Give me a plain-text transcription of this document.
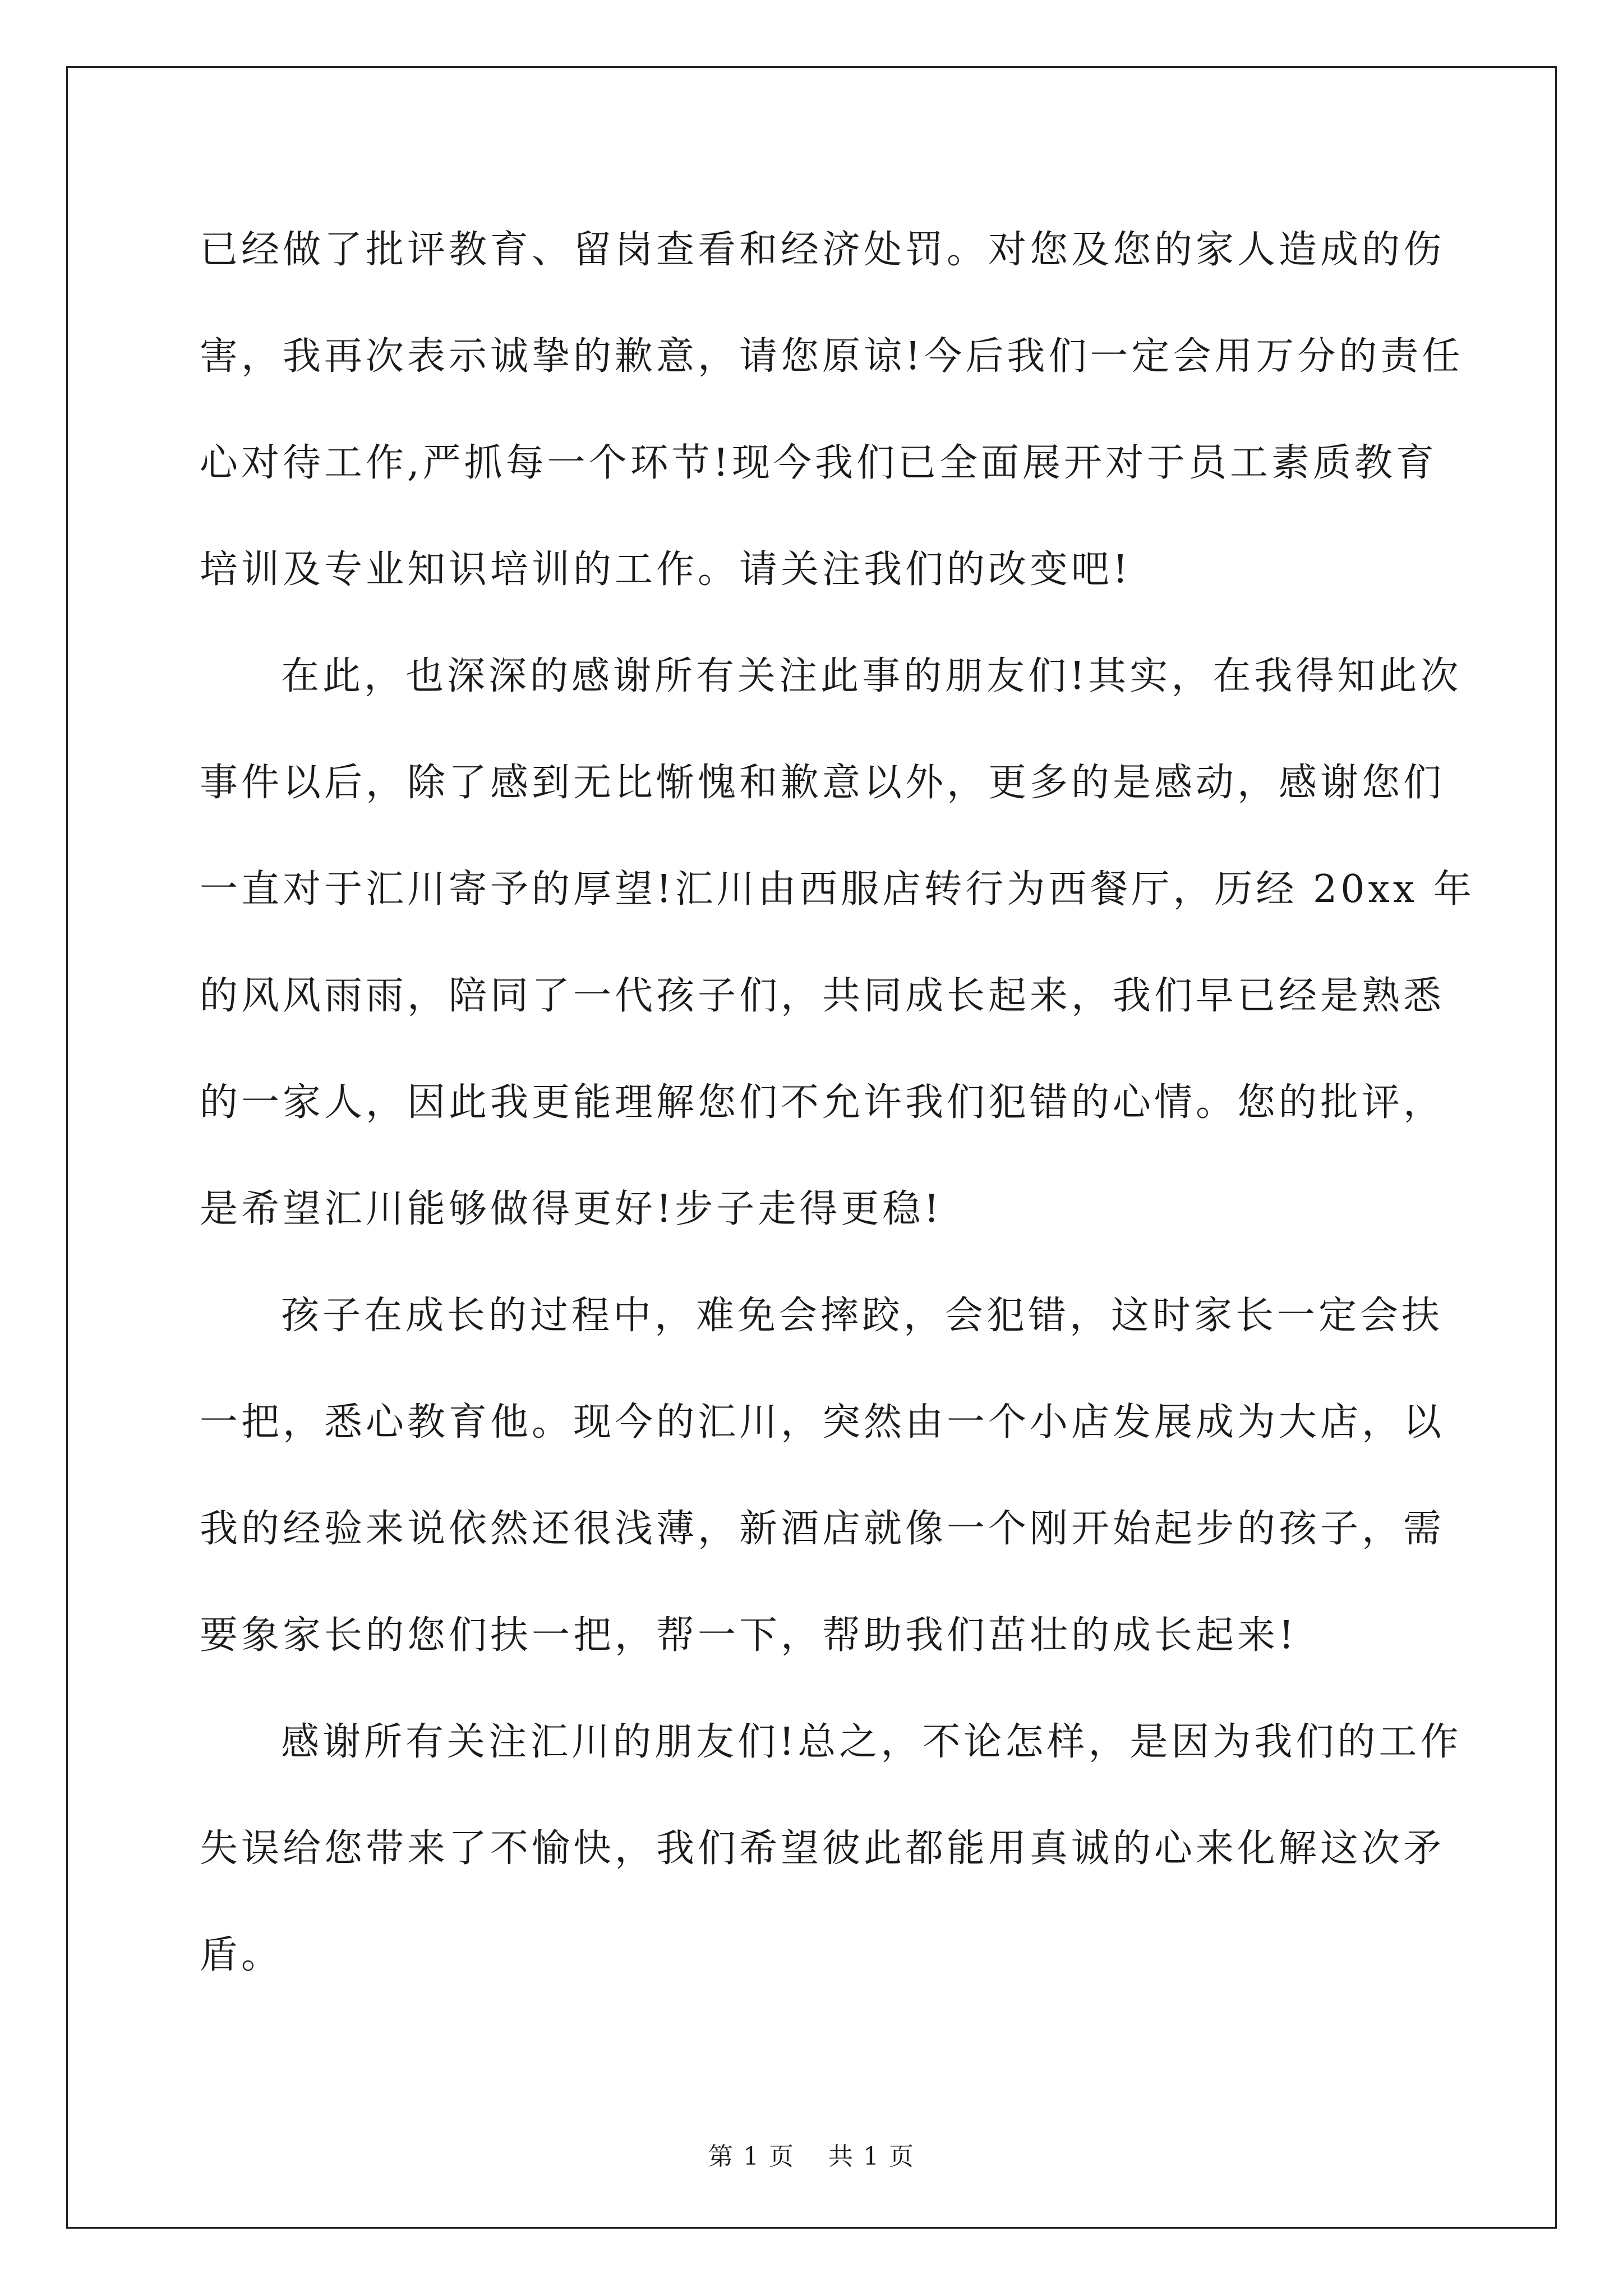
已经做了批评教育、留岗查看和经济处罚。对您及您的家人造成的伤
害，我再次表示诚挚的歉意，请您原谅!今后我们一定会用万分的责任
心对待工作,严抓每一个环节!现今我们已全面展开对于员工素质教育
培训及专业知识培训的工作。请关注我们的改变吧!
在此，也深深的感谢所有关注此事的朋友们!其实，在我得知此次
事件以后，除了感到无比惭愧和歉意以外，更多的是感动，感谢您们
一直对于汇川寄予的厚望!汇川由西服店转行为西餐厅，历经 20xx 年
的风风雨雨，陪同了一代孩子们，共同成长起来，我们早已经是熟悉
的一家人，因此我更能理解您们不允许我们犯错的心情。您的批评，
是希望汇川能够做得更好!步子走得更稳!
孩子在成长的过程中，难免会摔跤，会犯错，这时家长一定会扶
一把，悉心教育他。现今的汇川，突然由一个小店发展成为大店，以
我的经验来说依然还很浅薄，新酒店就像一个刚开始起步的孩子，需
要象家长的您们扶一把，帮一下，帮助我们茁壮的成长起来!
感谢所有关注汇川的朋友们!总之，不论怎样，是因为我们的工作
失误给您带来了不愉快，我们希望彼此都能用真诚的心来化解这次矛
盾。
第 1 页 共 1 页
